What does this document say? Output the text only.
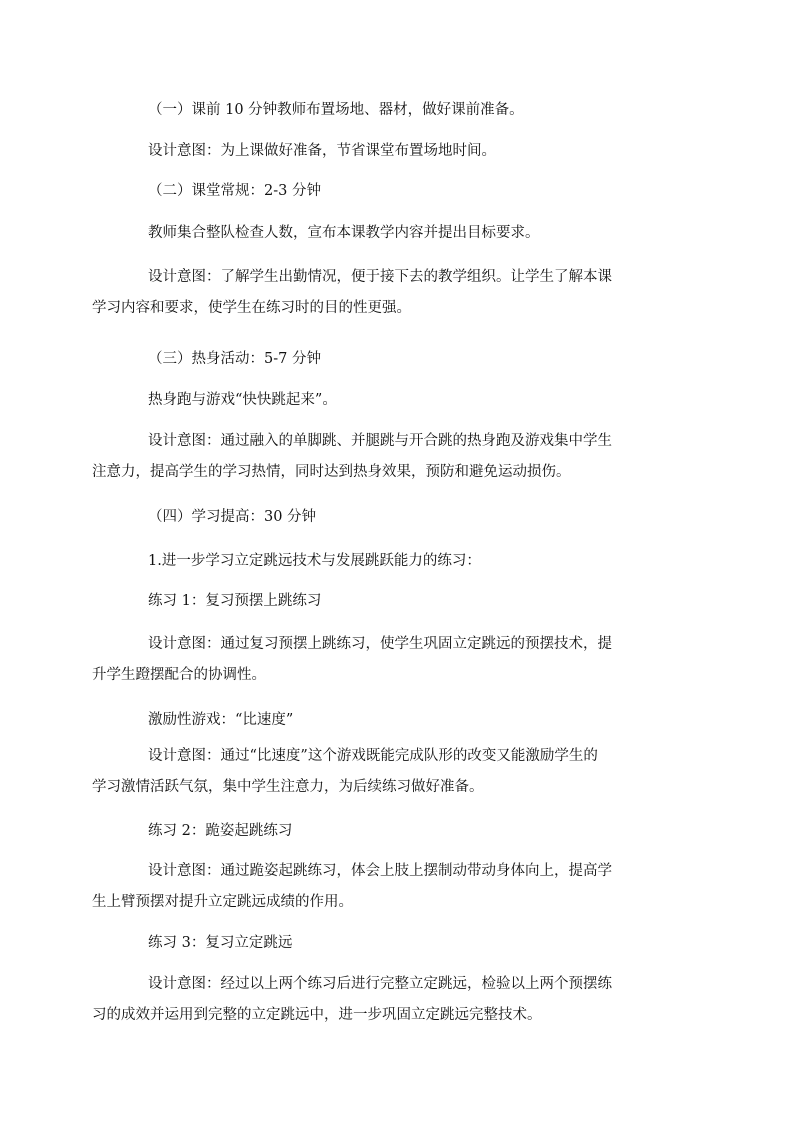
（一）课前 10 分钟教师布置场地、器材，做好课前准备。

设计意图：为上课做好准备，节省课堂布置场地时间。

（二）课堂常规：2-3 分钟

教师集合整队检查人数，宣布本课教学内容并提出目标要求。

设计意图：了解学生出勤情况，便于接下去的教学组织。让学生了解本课
学习内容和要求，使学生在练习时的目的性更强。

（三）热身活动：5-7 分钟

热身跑与游戏“快快跳起来”。

设计意图：通过融入的单脚跳、并腿跳与开合跳的热身跑及游戏集中学生
注意力，提高学生的学习热情，同时达到热身效果，预防和避免运动损伤。

（四）学习提高：30 分钟

1.进一步学习立定跳远技术与发展跳跃能力的练习：

练习 1：复习预摆上跳练习

设计意图：通过复习预摆上跳练习，使学生巩固立定跳远的预摆技术，提
升学生蹬摆配合的协调性。

激励性游戏：“比速度”

设计意图：通过“比速度”这个游戏既能完成队形的改变又能激励学生的
学习激情活跃气氛，集中学生注意力，为后续练习做好准备。

练习 2：跪姿起跳练习

设计意图：通过跪姿起跳练习，体会上肢上摆制动带动身体向上，提高学
生上臂预摆对提升立定跳远成绩的作用。

练习 3：复习立定跳远

设计意图：经过以上两个练习后进行完整立定跳远，检验以上两个预摆练
习的成效并运用到完整的立定跳远中，进一步巩固立定跳远完整技术。
